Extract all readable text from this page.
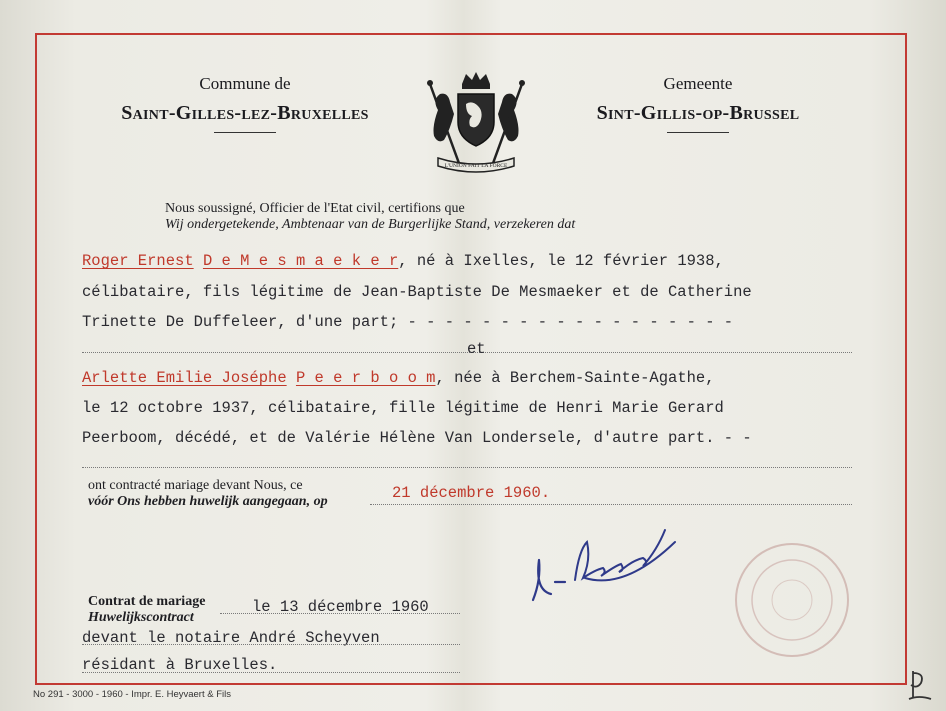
Commune de
Saint-Gilles-lez-Bruxelles
Gemeente
Sint-Gillis-op-Brussel
L'UNION FAIT LA FORCE
Nous soussigné, Officier de l'Etat civil, certifions que
Wij ondergetekende, Ambtenaar van de Burgerlijke Stand, verzekeren dat
Roger Ernest D e M e s m a e k e r, né à Ixelles, le 12 février 1938,
célibataire, fils légitime de Jean-Baptiste De Mesmaeker et de Catherine
Trinette De Duffeleer, d'une part; - - - - - - - - - - - - - - - - - -
et
Arlette Emilie Joséphe P e e r b o o m, née à Berchem-Sainte-Agathe,
le 12 octobre 1937, célibataire, fille légitime de Henri Marie Gerard
Peerboom, décédé, et de Valérie Hélène Van Londersele, d'autre part. - -
ont contracté mariage devant Nous, ce
vóór Ons hebben huwelijk aangegaan, op	21 décembre 1960.
Contrat de mariage
Huwelijkscontract
le 13 décembre 1960
devant le notaire André Scheyven
résidant à Bruxelles.
No 291 - 3000 - 1960 - Impr. E. Heyvaert & Fils
